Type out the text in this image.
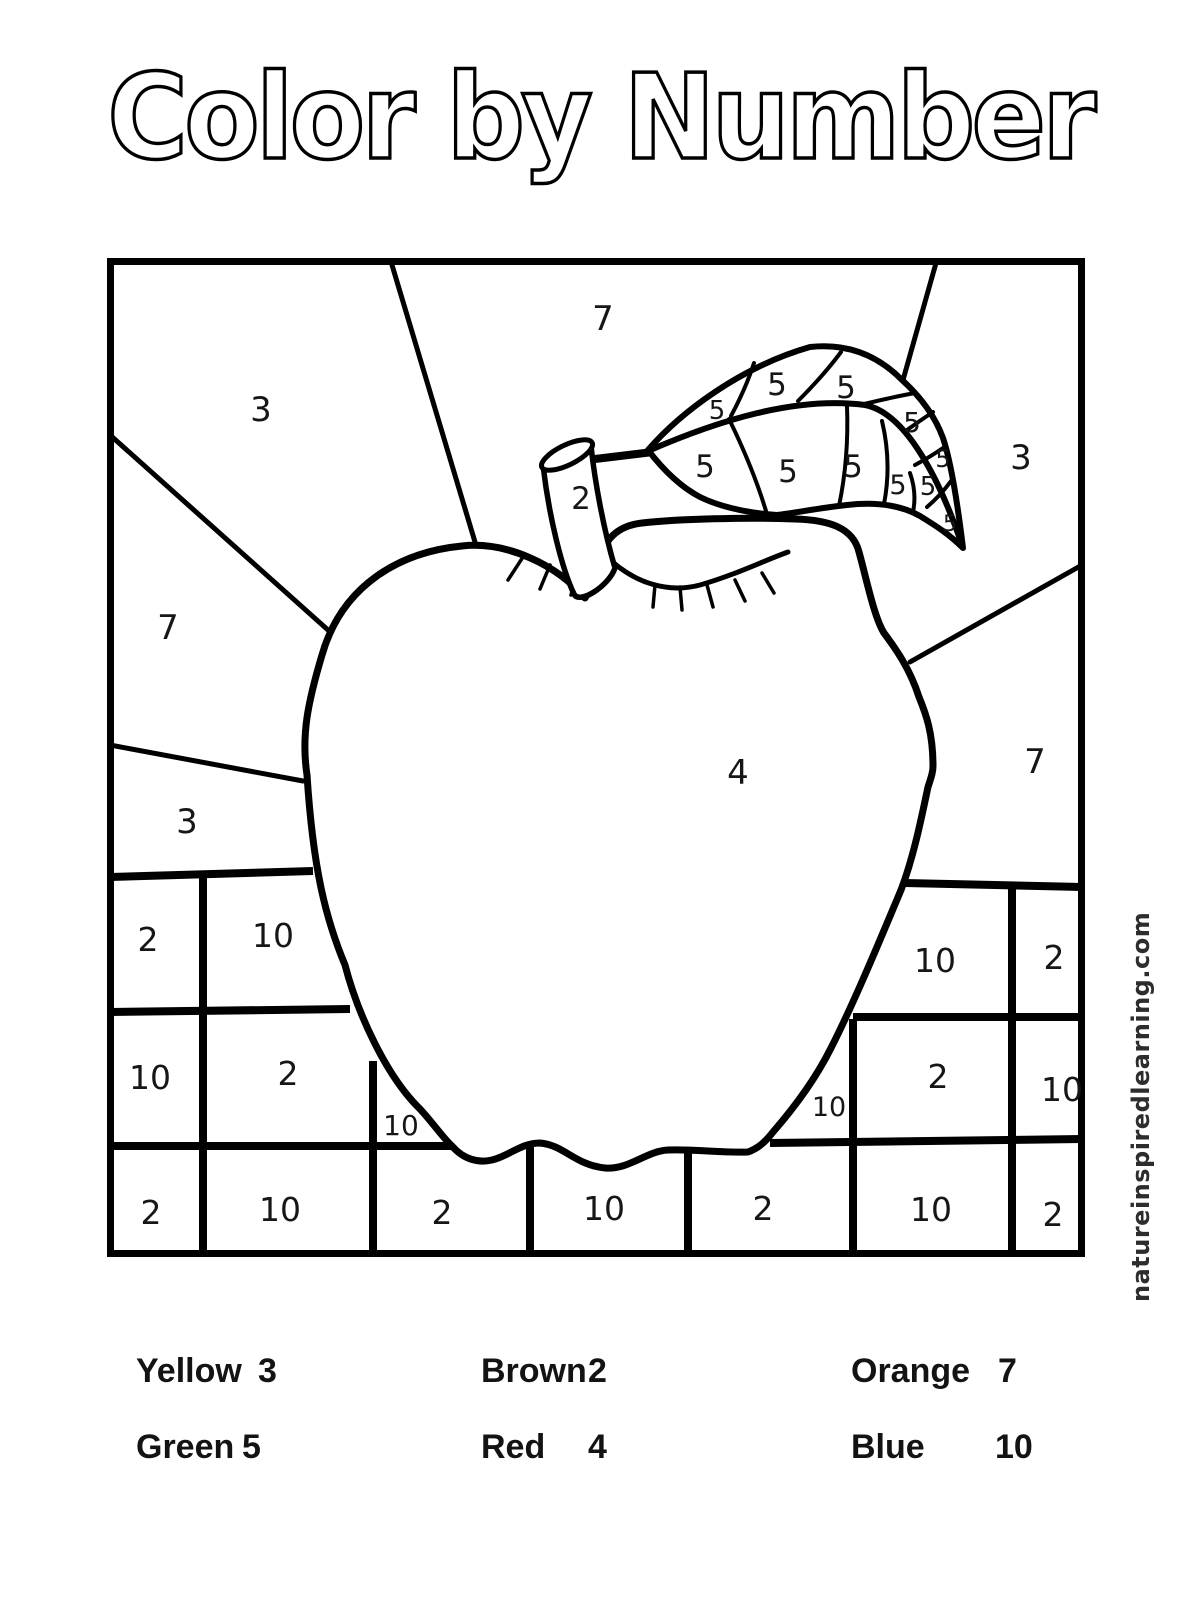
Color by Number
7
3
3
7
3
7
4
2
5
5 5
5
5 5 5
5 5
5
5
2	10
10	2
10
10	2
10
2	10
2	10	2	10	2	10	2	natureinspiredlearning.com
Yellow 3	Brown 2	Orange 7
Green 5	Red 4	Blue 10
